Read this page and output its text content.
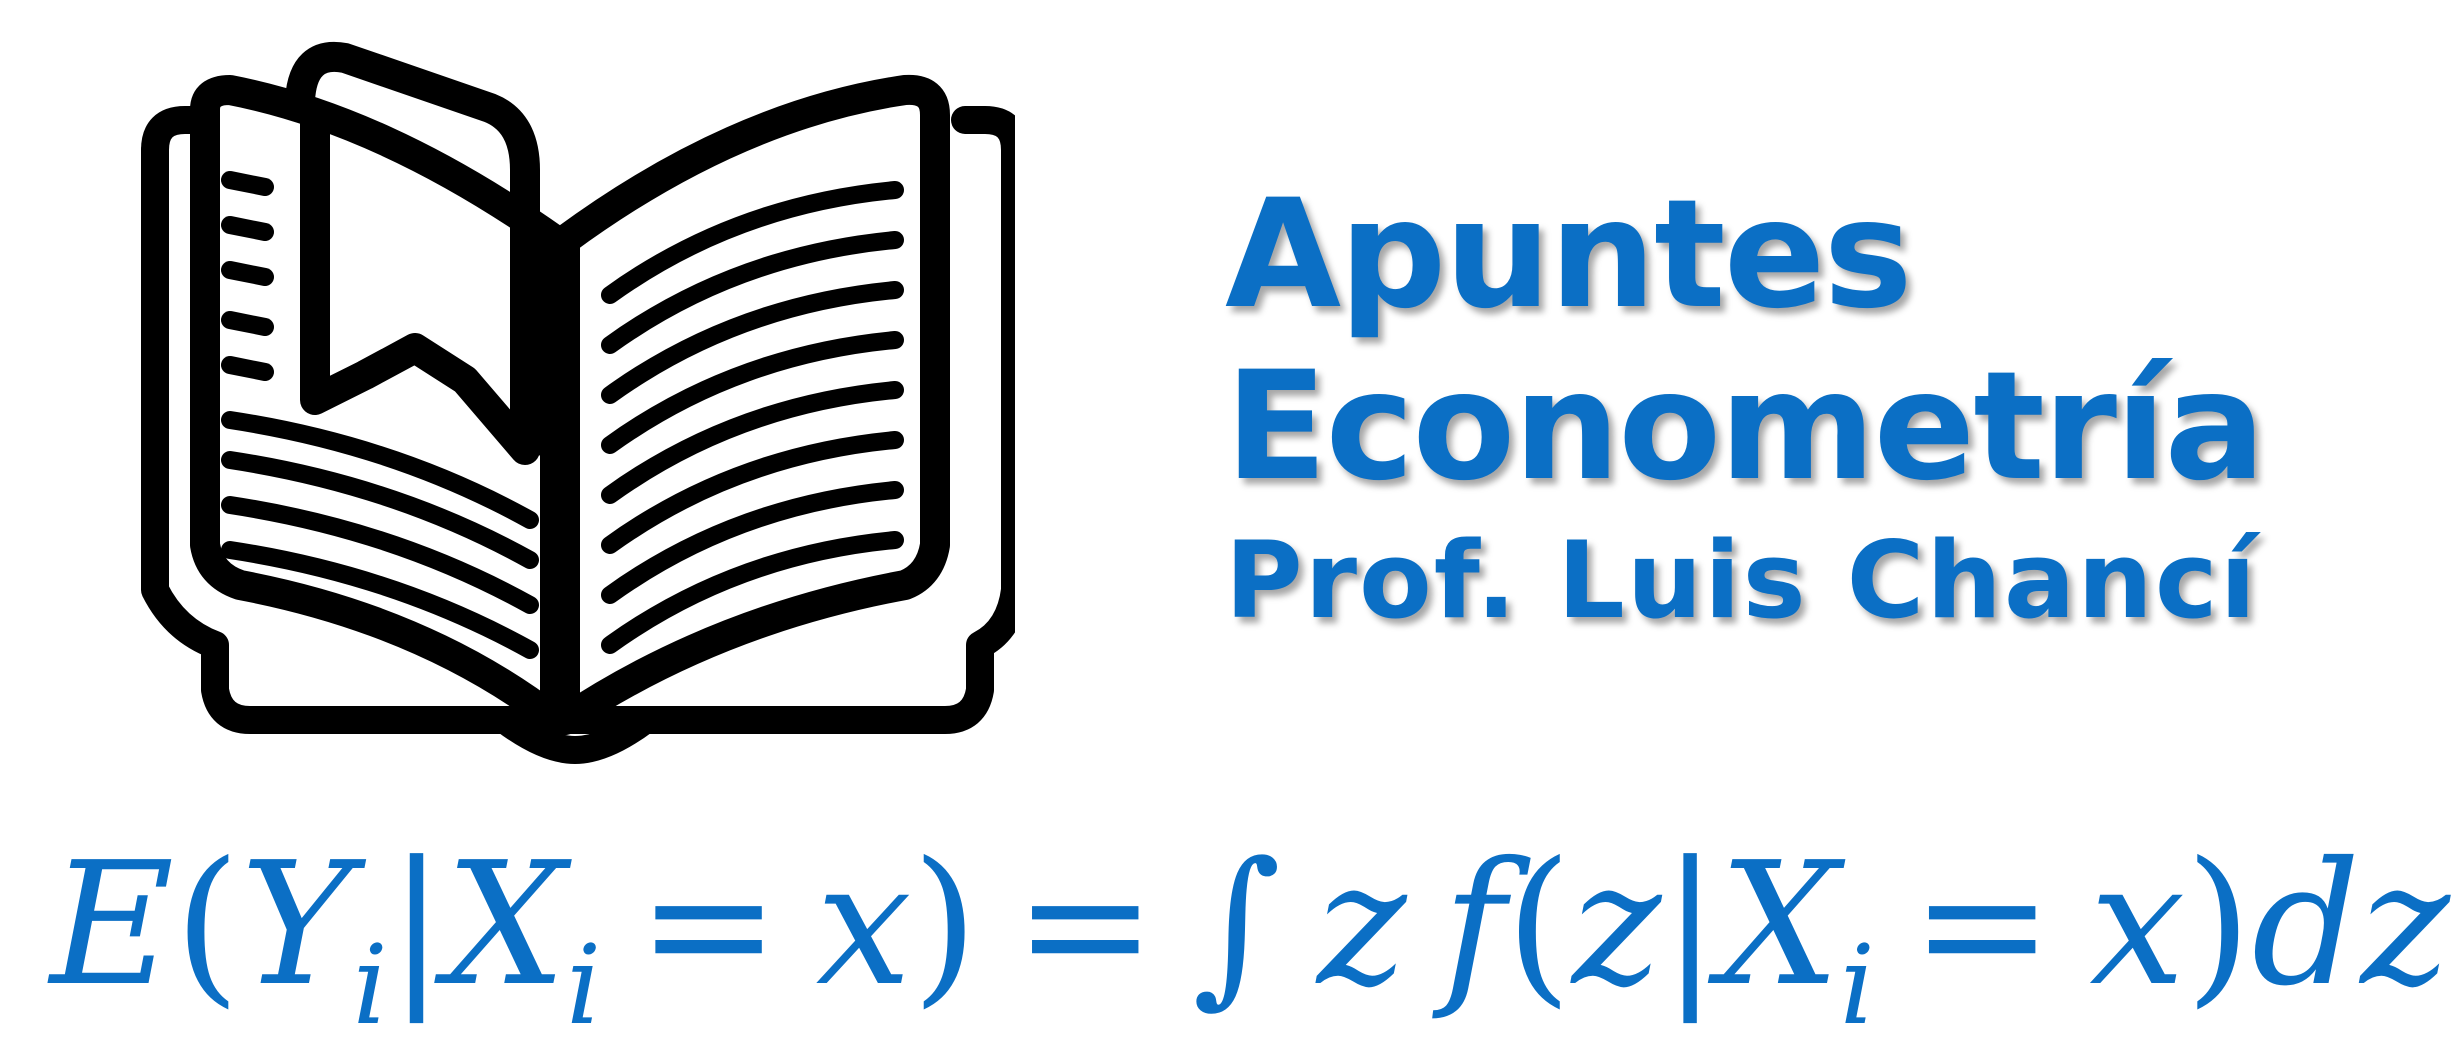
Apuntes
Econometría
Prof. Luis Chancí
$E(Y_i|X_i = x)$ = ∫ z $f(z|X_i = x)dz$
